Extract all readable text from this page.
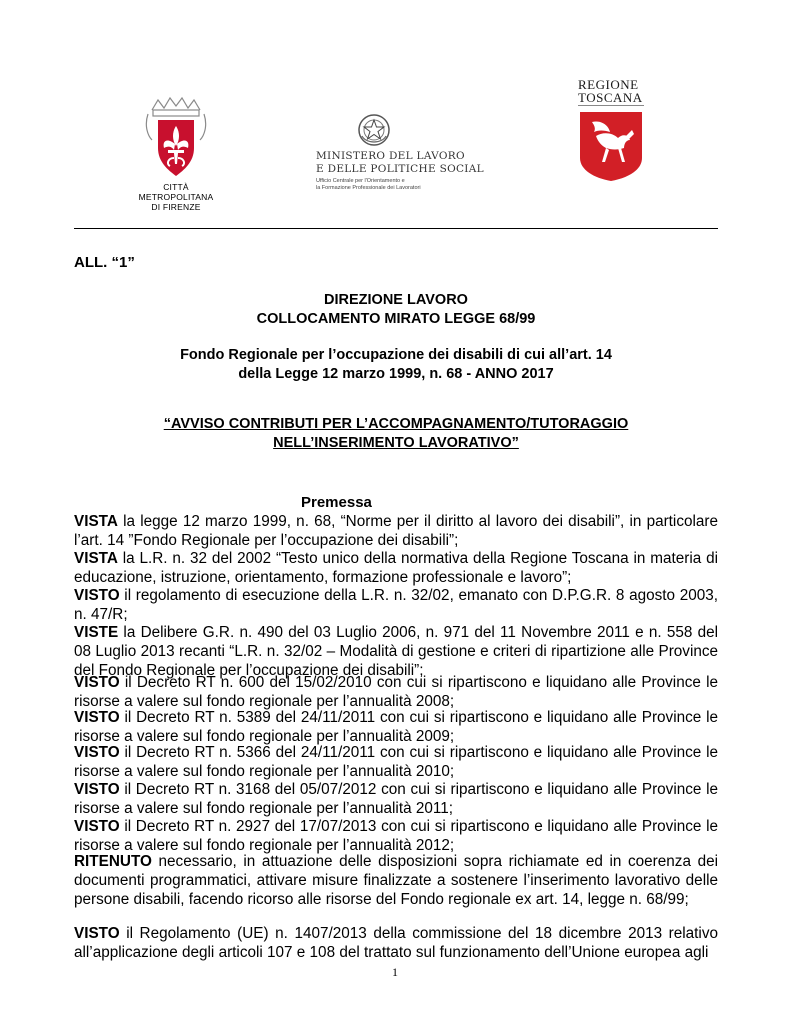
CITTÀ METROPOLITANA
DI FIRENZE
MINISTERO DEL LAVORO
E DELLE POLITICHE SOCIAL
Ufficio Centrale per l'Orientamento e
la Formazione Professionale dei Lavoratori
REGIONE
TOSCANA
ALL. “1”
DIREZIONE LAVORO
COLLOCAMENTO MIRATO LEGGE 68/99
Fondo Regionale per l’occupazione dei disabili di cui all’art. 14
della Legge 12 marzo 1999, n. 68 - ANNO 2017
“AVVISO CONTRIBUTI PER L’ACCOMPAGNAMENTO/TUTORAGGIO
NELL’INSERIMENTO LAVORATIVO”
Premessa
VISTA la legge 12 marzo 1999, n. 68, “Norme per il diritto al lavoro dei disabili”, in particolare l’art. 14 ”Fondo Regionale per l’occupazione dei disabili”;
VISTA la L.R. n. 32 del 2002 “Testo unico della normativa della Regione Toscana in materia di educazione, istruzione, orientamento, formazione professionale e lavoro”;
VISTO il regolamento di esecuzione della L.R. n. 32/02, emanato con D.P.G.R. 8 agosto 2003, n. 47/R;
VISTE la Delibere G.R. n. 490 del 03 Luglio 2006, n. 971 del 11 Novembre 2011 e n. 558 del 08 Luglio 2013 recanti “L.R. n. 32/02 – Modalità di gestione e criteri di ripartizione alle Province del Fondo Regionale per l’occupazione dei disabili”;
VISTO il Decreto RT n. 600 del 15/02/2010 con cui si ripartiscono e liquidano alle Province le risorse a valere sul fondo regionale per l’annualità 2008;
VISTO il Decreto RT n. 5389 del 24/11/2011 con cui si ripartiscono e liquidano alle Province le risorse a valere sul fondo regionale per l’annualità 2009;
VISTO il Decreto RT n. 5366 del 24/11/2011 con cui si ripartiscono e liquidano alle Province le risorse a valere sul fondo regionale per l’annualità 2010;
VISTO il Decreto RT n. 3168 del 05/07/2012 con cui si ripartiscono e liquidano alle Province le risorse a valere sul fondo regionale per l’annualità 2011;
VISTO il Decreto RT n. 2927 del 17/07/2013 con cui si ripartiscono e liquidano alle Province le risorse a valere sul fondo regionale per l’annualità 2012;
RITENUTO necessario, in attuazione delle disposizioni sopra richiamate ed in coerenza dei documenti programmatici, attivare misure finalizzate a sostenere l’inserimento lavorativo delle persone disabili, facendo ricorso alle risorse del Fondo regionale ex art. 14, legge n. 68/99;
VISTO il Regolamento (UE) n. 1407/2013 della commissione del 18 dicembre 2013 relativo all’applicazione degli articoli 107 e 108 del trattato sul funzionamento dell’Unione europea agli
1
